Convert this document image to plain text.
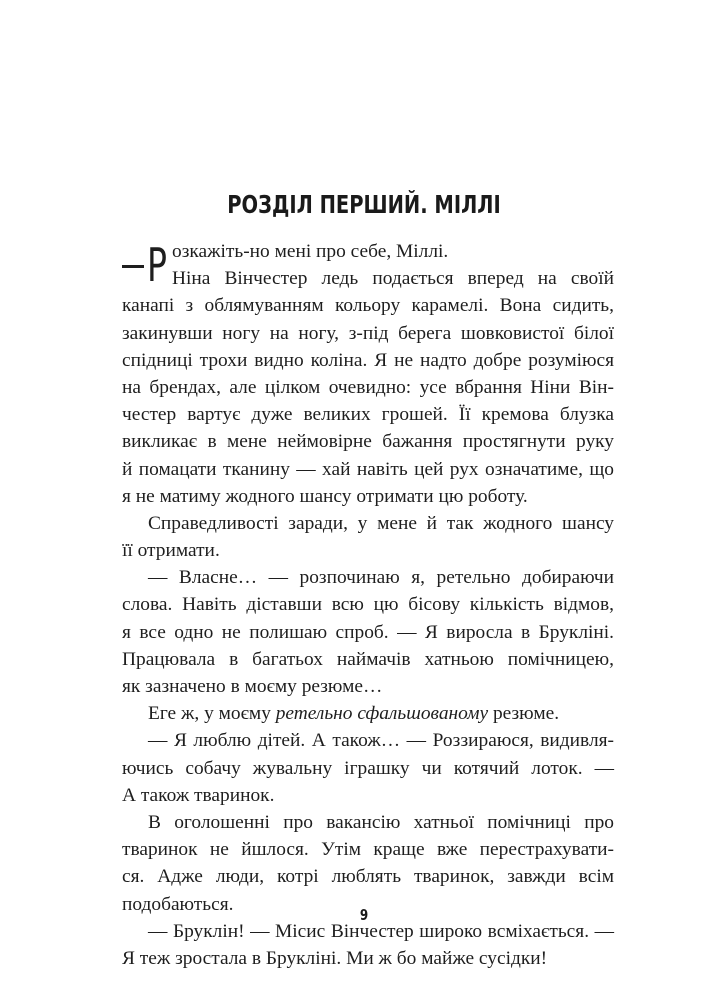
РОЗДІЛ ПЕРШИЙ. МІЛЛІ
Р озкажіть-но мені про себе, Міллі.
Ніна Вінчестер ледь подається вперед на своїй
канапі з облямуванням кольору карамелі. Вона сидить,
закинувши ногу на ногу, з-під берега шовковистої білої
спідниці трохи видно коліна. Я не надто добре розуміюся
на брендах, але цілком очевидно: усе вбрання Ніни Він-
честер вартує дуже великих грошей. Її кремова блузка
викликає в мене неймовірне бажання простягнути руку
й помацати тканину — хай навіть цей рух означатиме, що
я не матиму жодного шансу отримати цю роботу.
Справедливості заради, у мене й так жодного шансу
її отримати.
— Власне… — розпочинаю я, ретельно добираючи
слова. Навіть діставши всю цю бісову кількість відмов,
я все одно не полишаю спроб. — Я виросла в Брукліні.
Працювала в багатьох наймачів хатньою помічницею,
як зазначено в моєму резюме…
Еге ж, у моєму ретельно сфальшованому резюме.
— Я люблю дітей. А також… — Роззираюся, видивля-
ючись собачу жувальну іграшку чи котячий лоток. —
А також тваринок.
В оголошенні про вакансію хатньої помічниці про
тваринок не йшлося. Утім краще вже перестрахувати-
ся. Адже люди, котрі люблять тваринок, завжди всім
подобаються.
— Бруклін! — Місис Вінчестер широко всміхається. —
Я теж зростала в Брукліні. Ми ж бо майже сусідки!
9
